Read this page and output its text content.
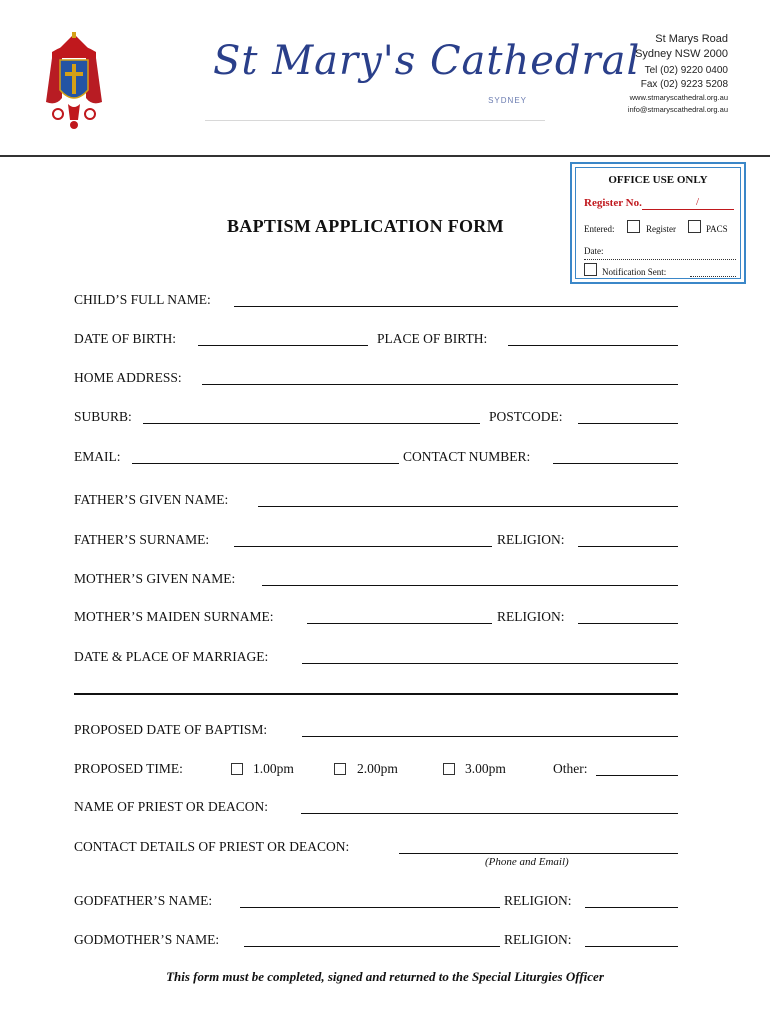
St Mary's Cathedral
SYDNEY
St Marys Road
Sydney NSW 2000
Tel (02) 9220 0400
Fax (02) 9223 5208
www.stmaryscathedral.org.au
info@stmaryscathedral.org.au
OFFICE USE ONLY
Register No.	/
Entered:	Register	PACS
Date:
Notification Sent:
BAPTISM APPLICATION FORM
CHILD’S FULL NAME:
DATE OF BIRTH:	PLACE OF BIRTH:
HOME ADDRESS:
SUBURB:	POSTCODE:
EMAIL:	CONTACT NUMBER:
FATHER’S GIVEN NAME:
FATHER’S SURNAME:	RELIGION:
MOTHER’S GIVEN NAME:
MOTHER’S MAIDEN SURNAME:	RELIGION:
DATE & PLACE OF MARRIAGE:
PROPOSED DATE OF BAPTISM:
PROPOSED TIME:	1.00pm	2.00pm	3.00pm	Other:
NAME OF PRIEST OR DEACON:
CONTACT DETAILS OF PRIEST OR DEACON:
(Phone and Email)
GODFATHER’S NAME:	RELIGION:
GODMOTHER’S NAME:	RELIGION:
This form must be completed, signed and returned to the Special Liturgies Officer
